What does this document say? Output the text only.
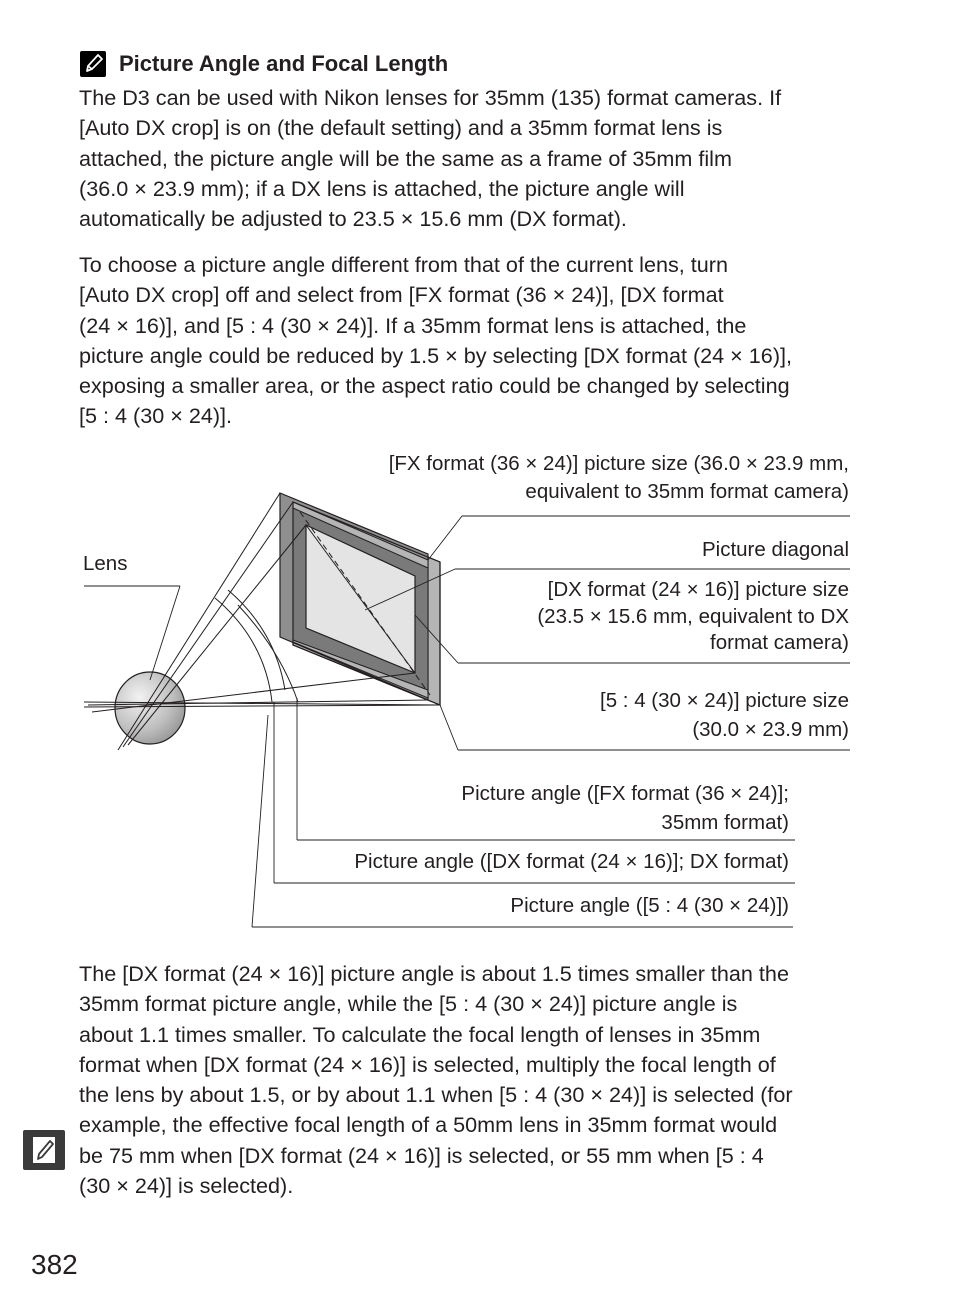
Picture Angle and Focal Length

The D3 can be used with Nikon lenses for 35mm (135) format cameras. If
[Auto DX crop] is on (the default setting) and a 35mm format lens is
attached, the picture angle will be the same as a frame of 35mm film
(36.0 × 23.9 mm); if a DX lens is attached, the picture angle will
automatically be adjusted to 23.5 × 15.6 mm (DX format).

To choose a picture angle different from that of the current lens, turn
[Auto DX crop] off and select from [FX format (36 × 24)], [DX format
(24 × 16)], and [5 : 4 (30 × 24)]. If a 35mm format lens is attached, the
picture angle could be reduced by 1.5 × by selecting [DX format (24 × 16)],
exposing a smaller area, or the aspect ratio could be changed by selecting
[5 : 4 (30 × 24)].

[FX format (36 × 24)] picture size (36.0 × 23.9 mm,
equivalent to 35mm format camera)
Lens
Picture diagonal
[DX format (24 × 16)] picture size
(23.5 × 15.6 mm, equivalent to DX
format camera)
[5 : 4 (30 × 24)] picture size
(30.0 × 23.9 mm)
Picture angle ([FX format (36 × 24)];
35mm format)
Picture angle ([DX format (24 × 16)]; DX format)
Picture angle ([5 : 4 (30 × 24)])

The [DX format (24 × 16)] picture angle is about 1.5 times smaller than the
35mm format picture angle, while the [5 : 4 (30 × 24)] picture angle is
about 1.1 times smaller. To calculate the focal length of lenses in 35mm
format when [DX format (24 × 16)] is selected, multiply the focal length of
the lens by about 1.5, or by about 1.1 when [5 : 4 (30 × 24)] is selected (for
example, the effective focal length of a 50mm lens in 35mm format would
be 75 mm when [DX format (24 × 16)] is selected, or 55 mm when [5 : 4
(30 × 24)] is selected).

382
